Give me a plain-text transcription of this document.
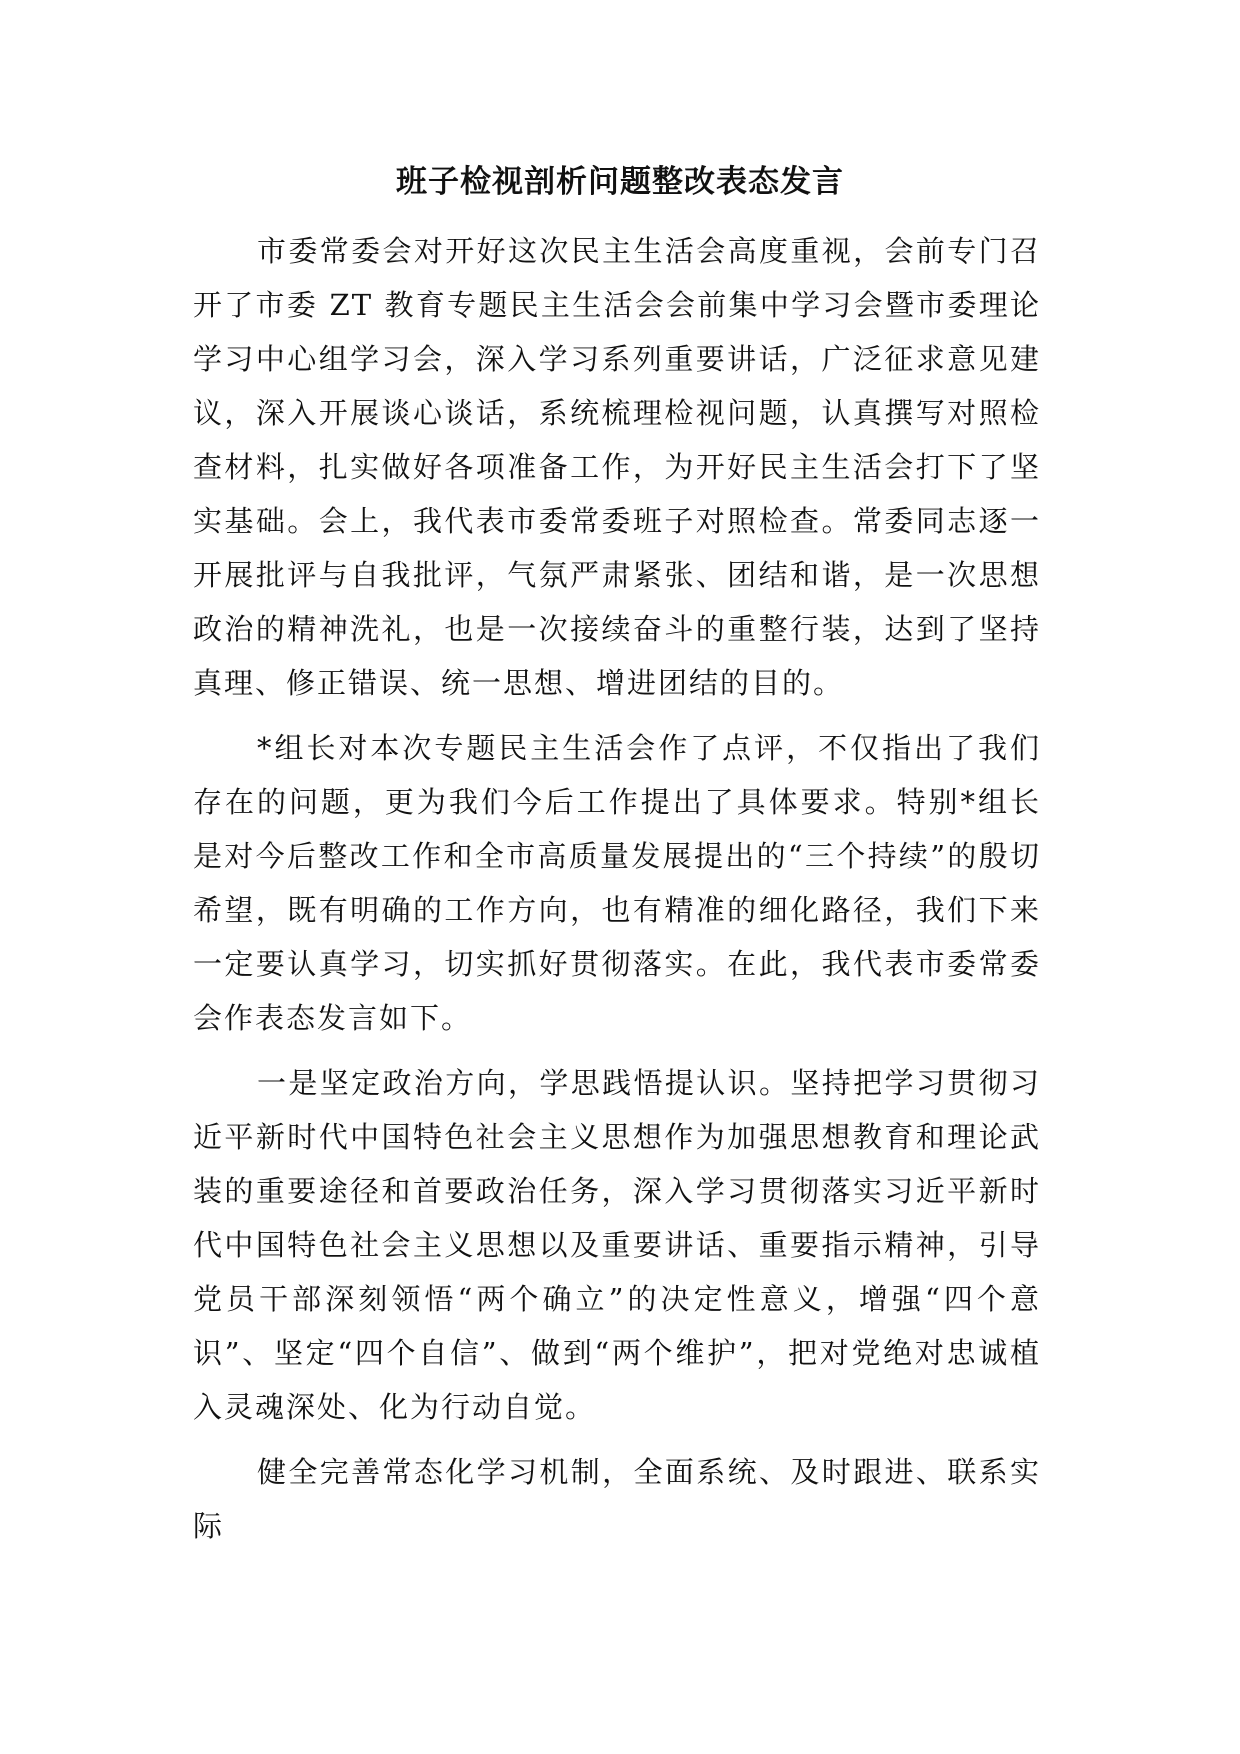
班子检视剖析问题整改表态发言

市委常委会对开好这次民主生活会高度重视，会前专门召开了市委 ZT 教育专题民主生活会会前集中学习会暨市委理论学习中心组学习会，深入学习系列重要讲话，广泛征求意见建议，深入开展谈心谈话，系统梳理检视问题，认真撰写对照检查材料，扎实做好各项准备工作，为开好民主生活会打下了坚实基础。会上，我代表市委常委班子对照检查。常委同志逐一开展批评与自我批评，气氛严肃紧张、团结和谐，是一次思想政治的精神洗礼，也是一次接续奋斗的重整行装，达到了坚持真理、修正错误、统一思想、增进团结的目的。

*组长对本次专题民主生活会作了点评，不仅指出了我们存在的问题，更为我们今后工作提出了具体要求。特别*组长是对今后整改工作和全市高质量发展提出的“三个持续”的殷切希望，既有明确的工作方向，也有精准的细化路径，我们下来一定要认真学习，切实抓好贯彻落实。在此，我代表市委常委会作表态发言如下。

一是坚定政治方向，学思践悟提认识。坚持把学习贯彻习近平新时代中国特色社会主义思想作为加强思想教育和理论武装的重要途径和首要政治任务，深入学习贯彻落实习近平新时代中国特色社会主义思想以及重要讲话、重要指示精神，引导党员干部深刻领悟“两个确立”的决定性意义，增强“四个意识”、坚定“四个自信”、做到“两个维护”，把对党绝对忠诚植入灵魂深处、化为行动自觉。

健全完善常态化学习机制，全面系统、及时跟进、联系实际
